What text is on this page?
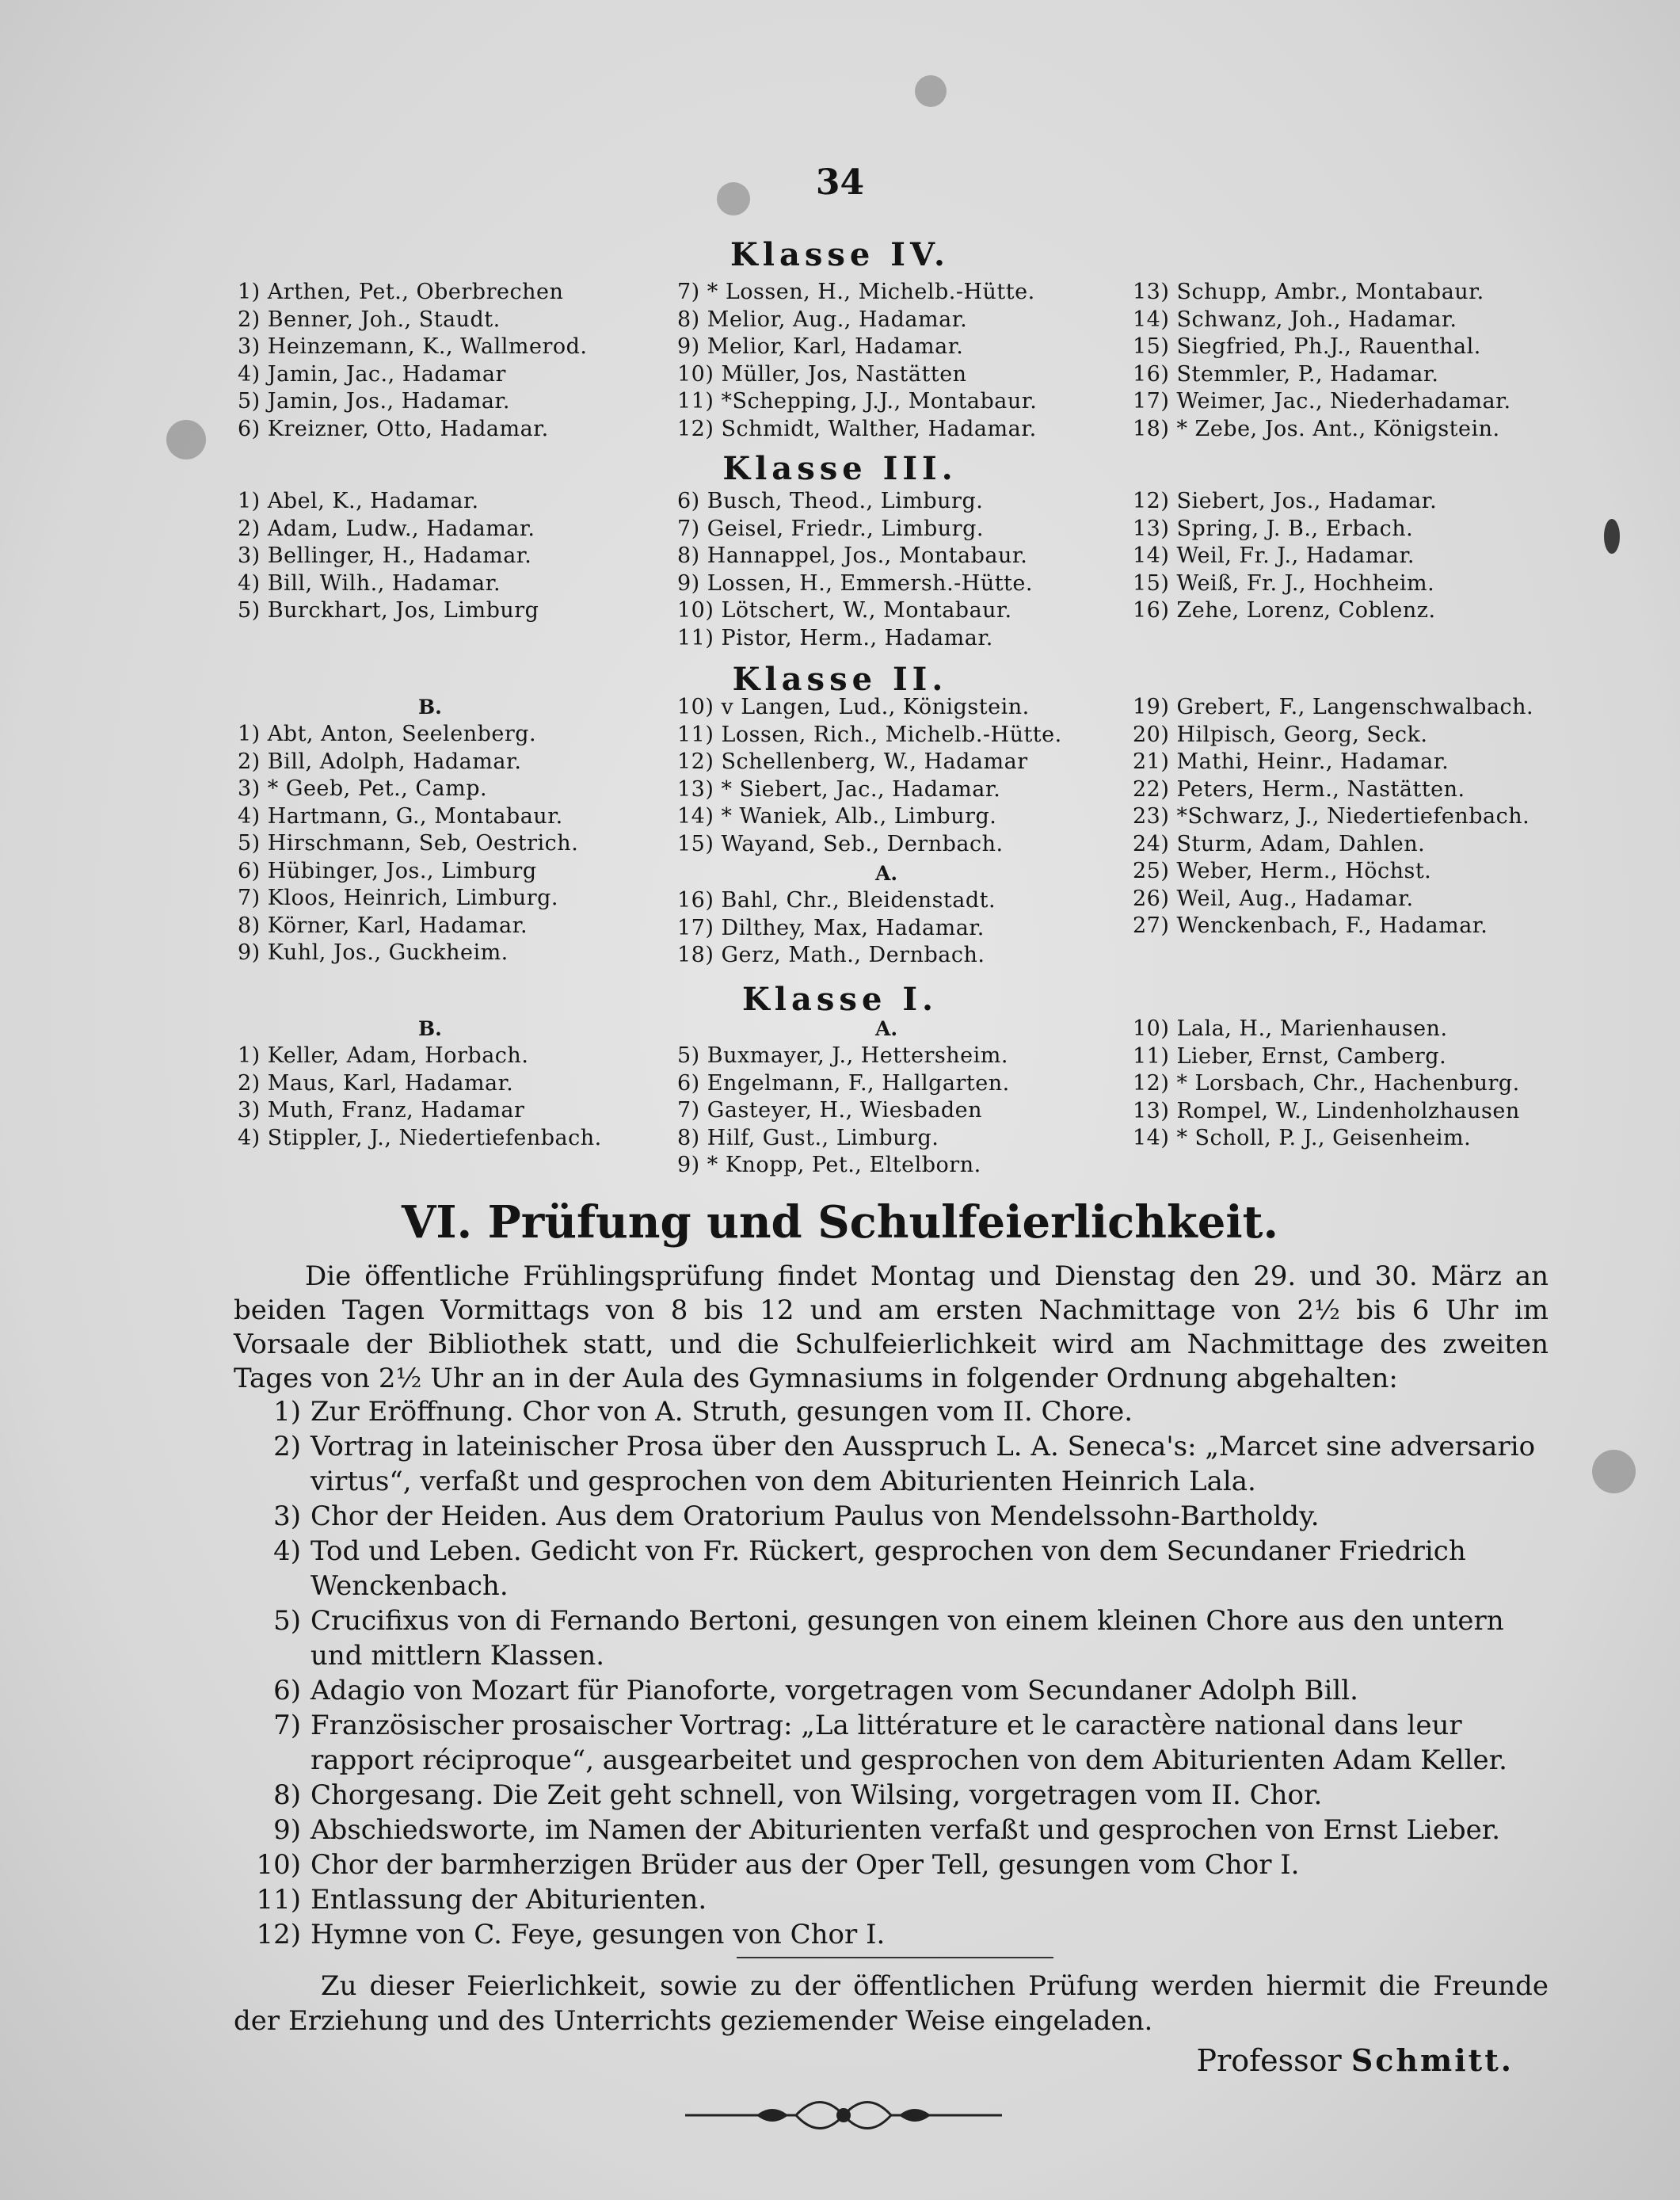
34
Klasse IV.
1) Arthen, Pet., Oberbrechen
2) Benner, Joh., Staudt.
3) Heinzemann, K., Wallmerod.
4) Jamin, Jac., Hadamar
5) Jamin, Jos., Hadamar.
6) Kreizner, Otto, Hadamar.
7) * Lossen, H., Michelb.-Hütte.
8) Melior, Aug., Hadamar.
9) Melior, Karl, Hadamar.
10) Müller, Jos, Nastätten
11) *Schepping, J.J., Montabaur.
12) Schmidt, Walther, Hadamar.
13) Schupp, Ambr., Montabaur.
14) Schwanz, Joh., Hadamar.
15) Siegfried, Ph.J., Rauenthal.
16) Stemmler, P., Hadamar.
17) Weimer, Jac., Niederhadamar.
18) * Zebe, Jos. Ant., Königstein.
Klasse III.
1) Abel, K., Hadamar.
2) Adam, Ludw., Hadamar.
3) Bellinger, H., Hadamar.
4) Bill, Wilh., Hadamar.
5) Burckhart, Jos, Limburg
6) Busch, Theod., Limburg.
7) Geisel, Friedr., Limburg.
8) Hannappel, Jos., Montabaur.
9) Lossen, H., Emmersh.-Hütte.
10) Lötschert, W., Montabaur.
11) Pistor, Herm., Hadamar.
12) Siebert, Jos., Hadamar.
13) Spring, J. B., Erbach.
14) Weil, Fr. J., Hadamar.
15) Weiß, Fr. J., Hochheim.
16) Zehe, Lorenz, Coblenz.
Klasse II.
B.
1) Abt, Anton, Seelenberg.
2) Bill, Adolph, Hadamar.
3) * Geeb, Pet., Camp.
4) Hartmann, G., Montabaur.
5) Hirschmann, Seb, Oestrich.
6) Hübinger, Jos., Limburg
7) Kloos, Heinrich, Limburg.
8) Körner, Karl, Hadamar.
9) Kuhl, Jos., Guckheim.
10) v Langen, Lud., Königstein.
11) Lossen, Rich., Michelb.-Hütte.
12) Schellenberg, W., Hadamar
13) * Siebert, Jac., Hadamar.
14) * Waniek, Alb., Limburg.
15) Wayand, Seb., Dernbach.
A.
16) Bahl, Chr., Bleidenstadt.
17) Dilthey, Max, Hadamar.
18) Gerz, Math., Dernbach.
19) Grebert, F., Langenschwalbach.
20) Hilpisch, Georg, Seck.
21) Mathi, Heinr., Hadamar.
22) Peters, Herm., Nastätten.
23) *Schwarz, J., Niedertiefenbach.
24) Sturm, Adam, Dahlen.
25) Weber, Herm., Höchst.
26) Weil, Aug., Hadamar.
27) Wenckenbach, F., Hadamar.
Klasse I.
B.	A.
1) Keller, Adam, Horbach.
2) Maus, Karl, Hadamar.
3) Muth, Franz, Hadamar
4) Stippler, J., Niedertiefenbach.
5) Buxmayer, J., Hettersheim.
6) Engelmann, F., Hallgarten.
7) Gasteyer, H., Wiesbaden
8) Hilf, Gust., Limburg.
9) * Knopp, Pet., Eltelborn.
10) Lala, H., Marienhausen.
11) Lieber, Ernst, Camberg.
12) * Lorsbach, Chr., Hachenburg.
13) Rompel, W., Lindenholzhausen
14) * Scholl, P. J., Geisenheim.
VI. Prüfung und Schulfeierlichkeit.
Die öffentliche Frühlingsprüfung findet Montag und Dienstag den 29. und 30. März an beiden Tagen Vormittags von 8 bis 12 und am ersten Nachmittage von 2½ bis 6 Uhr im Vorsaale der Bibliothek statt, und die Schulfeierlichkeit wird am Nachmittage des zweiten Tages von 2½ Uhr an in der Aula des Gymnasiums in folgender Ordnung abgehalten:
1) Zur Eröffnung. Chor von A. Struth, gesungen vom II. Chore.
2) Vortrag in lateinischer Prosa über den Ausspruch L. A. Seneca's: „Marcet sine adversario virtus“, verfaßt und gesprochen von dem Abiturienten Heinrich Lala.
3) Chor der Heiden. Aus dem Oratorium Paulus von Mendelssohn-Bartholdy.
4) Tod und Leben. Gedicht von Fr. Rückert, gesprochen von dem Secundaner Friedrich Wenckenbach.
5) Crucifixus von di Fernando Bertoni, gesungen von einem kleinen Chore aus den untern und mittlern Klassen.
6) Adagio von Mozart für Pianoforte, vorgetragen vom Secundaner Adolph Bill.
7) Französischer prosaischer Vortrag: „La littérature et le caractère national dans leur rapport réciproque“, ausgearbeitet und gesprochen von dem Abiturienten Adam Keller.
8) Chorgesang. Die Zeit geht schnell, von Wilsing, vorgetragen vom II. Chor.
9) Abschiedsworte, im Namen der Abiturienten verfaßt und gesprochen von Ernst Lieber.
10) Chor der barmherzigen Brüder aus der Oper Tell, gesungen vom Chor I.
11) Entlassung der Abiturienten.
12) Hymne von C. Feye, gesungen von Chor I.
Zu dieser Feierlichkeit, sowie zu der öffentlichen Prüfung werden hiermit die Freunde der Erziehung und des Unterrichts geziemender Weise eingeladen.
Professor Schmitt.
